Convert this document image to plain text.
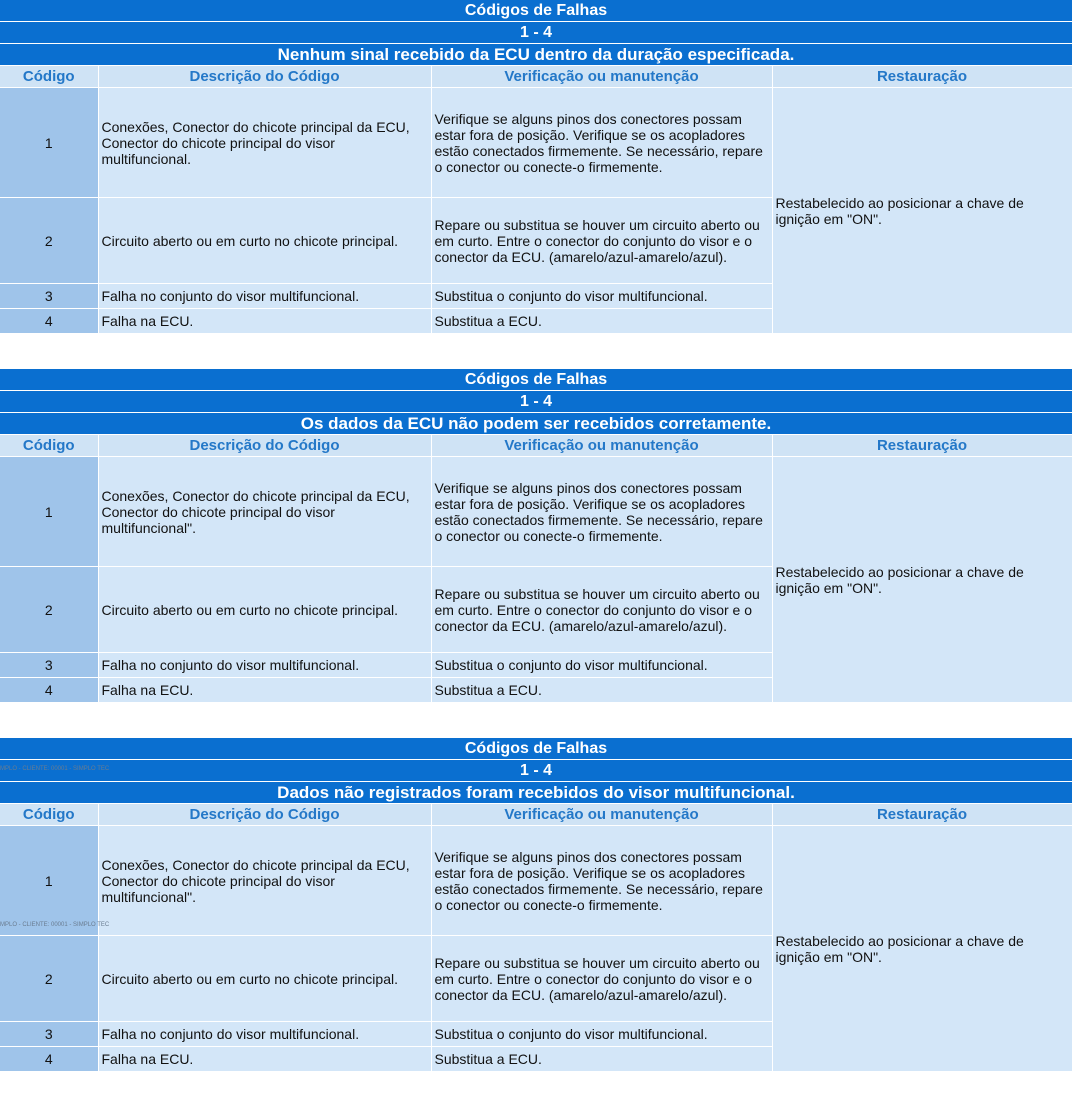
Códigos de Falhas			
1 - 4			
Nenhum sinal recebido da ECU dentro da duração especificada.			
Código	Descrição do Código	Verificação ou manutenção	Restauração
1	Conexões, Conector do chicote principal da ECU, Conector do chicote principal do visor multifuncional.	Verifique se alguns pinos dos conectores possam estar fora de posição. Verifique se os acopladores estão conectados firmemente. Se necessário, repare o conector ou conecte-o firmemente.	Restabelecido ao posicionar a chave de ignição em "ON".
2	Circuito aberto ou em curto no chicote principal.	Repare ou substitua se houver um circuito aberto ou em curto. Entre o conector do conjunto do visor e o conector da ECU. (amarelo/azul-amarelo/azul).	
3	Falha no conjunto do visor multifuncional.	Substitua o conjunto do visor multifuncional.	
4	Falha na ECU.	Substitua a ECU.	
Códigos de Falhas			
1 - 4			
Os dados da ECU não podem ser recebidos corretamente.			
Código	Descrição do Código	Verificação ou manutenção	Restauração
1	Conexões, Conector do chicote principal da ECU, Conector do chicote principal do visor multifuncional".	Verifique se alguns pinos dos conectores possam estar fora de posição. Verifique se os acopladores estão conectados firmemente. Se necessário, repare o conector ou conecte-o firmemente.	Restabelecido ao posicionar a chave de ignição em "ON".
2	Circuito aberto ou em curto no chicote principal.	Repare ou substitua se houver um circuito aberto ou em curto. Entre o conector do conjunto do visor e o conector da ECU. (amarelo/azul-amarelo/azul).	
3	Falha no conjunto do visor multifuncional.	Substitua o conjunto do visor multifuncional.	
4	Falha na ECU.	Substitua a ECU.	
Códigos de Falhas			
1 - 4			
Dados não registrados foram recebidos do visor multifuncional.			
Código	Descrição do Código	Verificação ou manutenção	Restauração
1	Conexões, Conector do chicote principal da ECU, Conector do chicote principal do visor multifuncional".	Verifique se alguns pinos dos conectores possam estar fora de posição. Verifique se os acopladores estão conectados firmemente. Se necessário, repare o conector ou conecte-o firmemente.	Restabelecido ao posicionar a chave de ignição em "ON".
2	Circuito aberto ou em curto no chicote principal.	Repare ou substitua se houver um circuito aberto ou em curto. Entre o conector do conjunto do visor e o conector da ECU. (amarelo/azul-amarelo/azul).	
3	Falha no conjunto do visor multifuncional.	Substitua o conjunto do visor multifuncional.	
4	Falha na ECU.	Substitua a ECU.	
MPLO - CLIENTE: 00001 - SIMPLO TEC
MPLO - CLIENTE: 00001 - SIMPLO TEC
